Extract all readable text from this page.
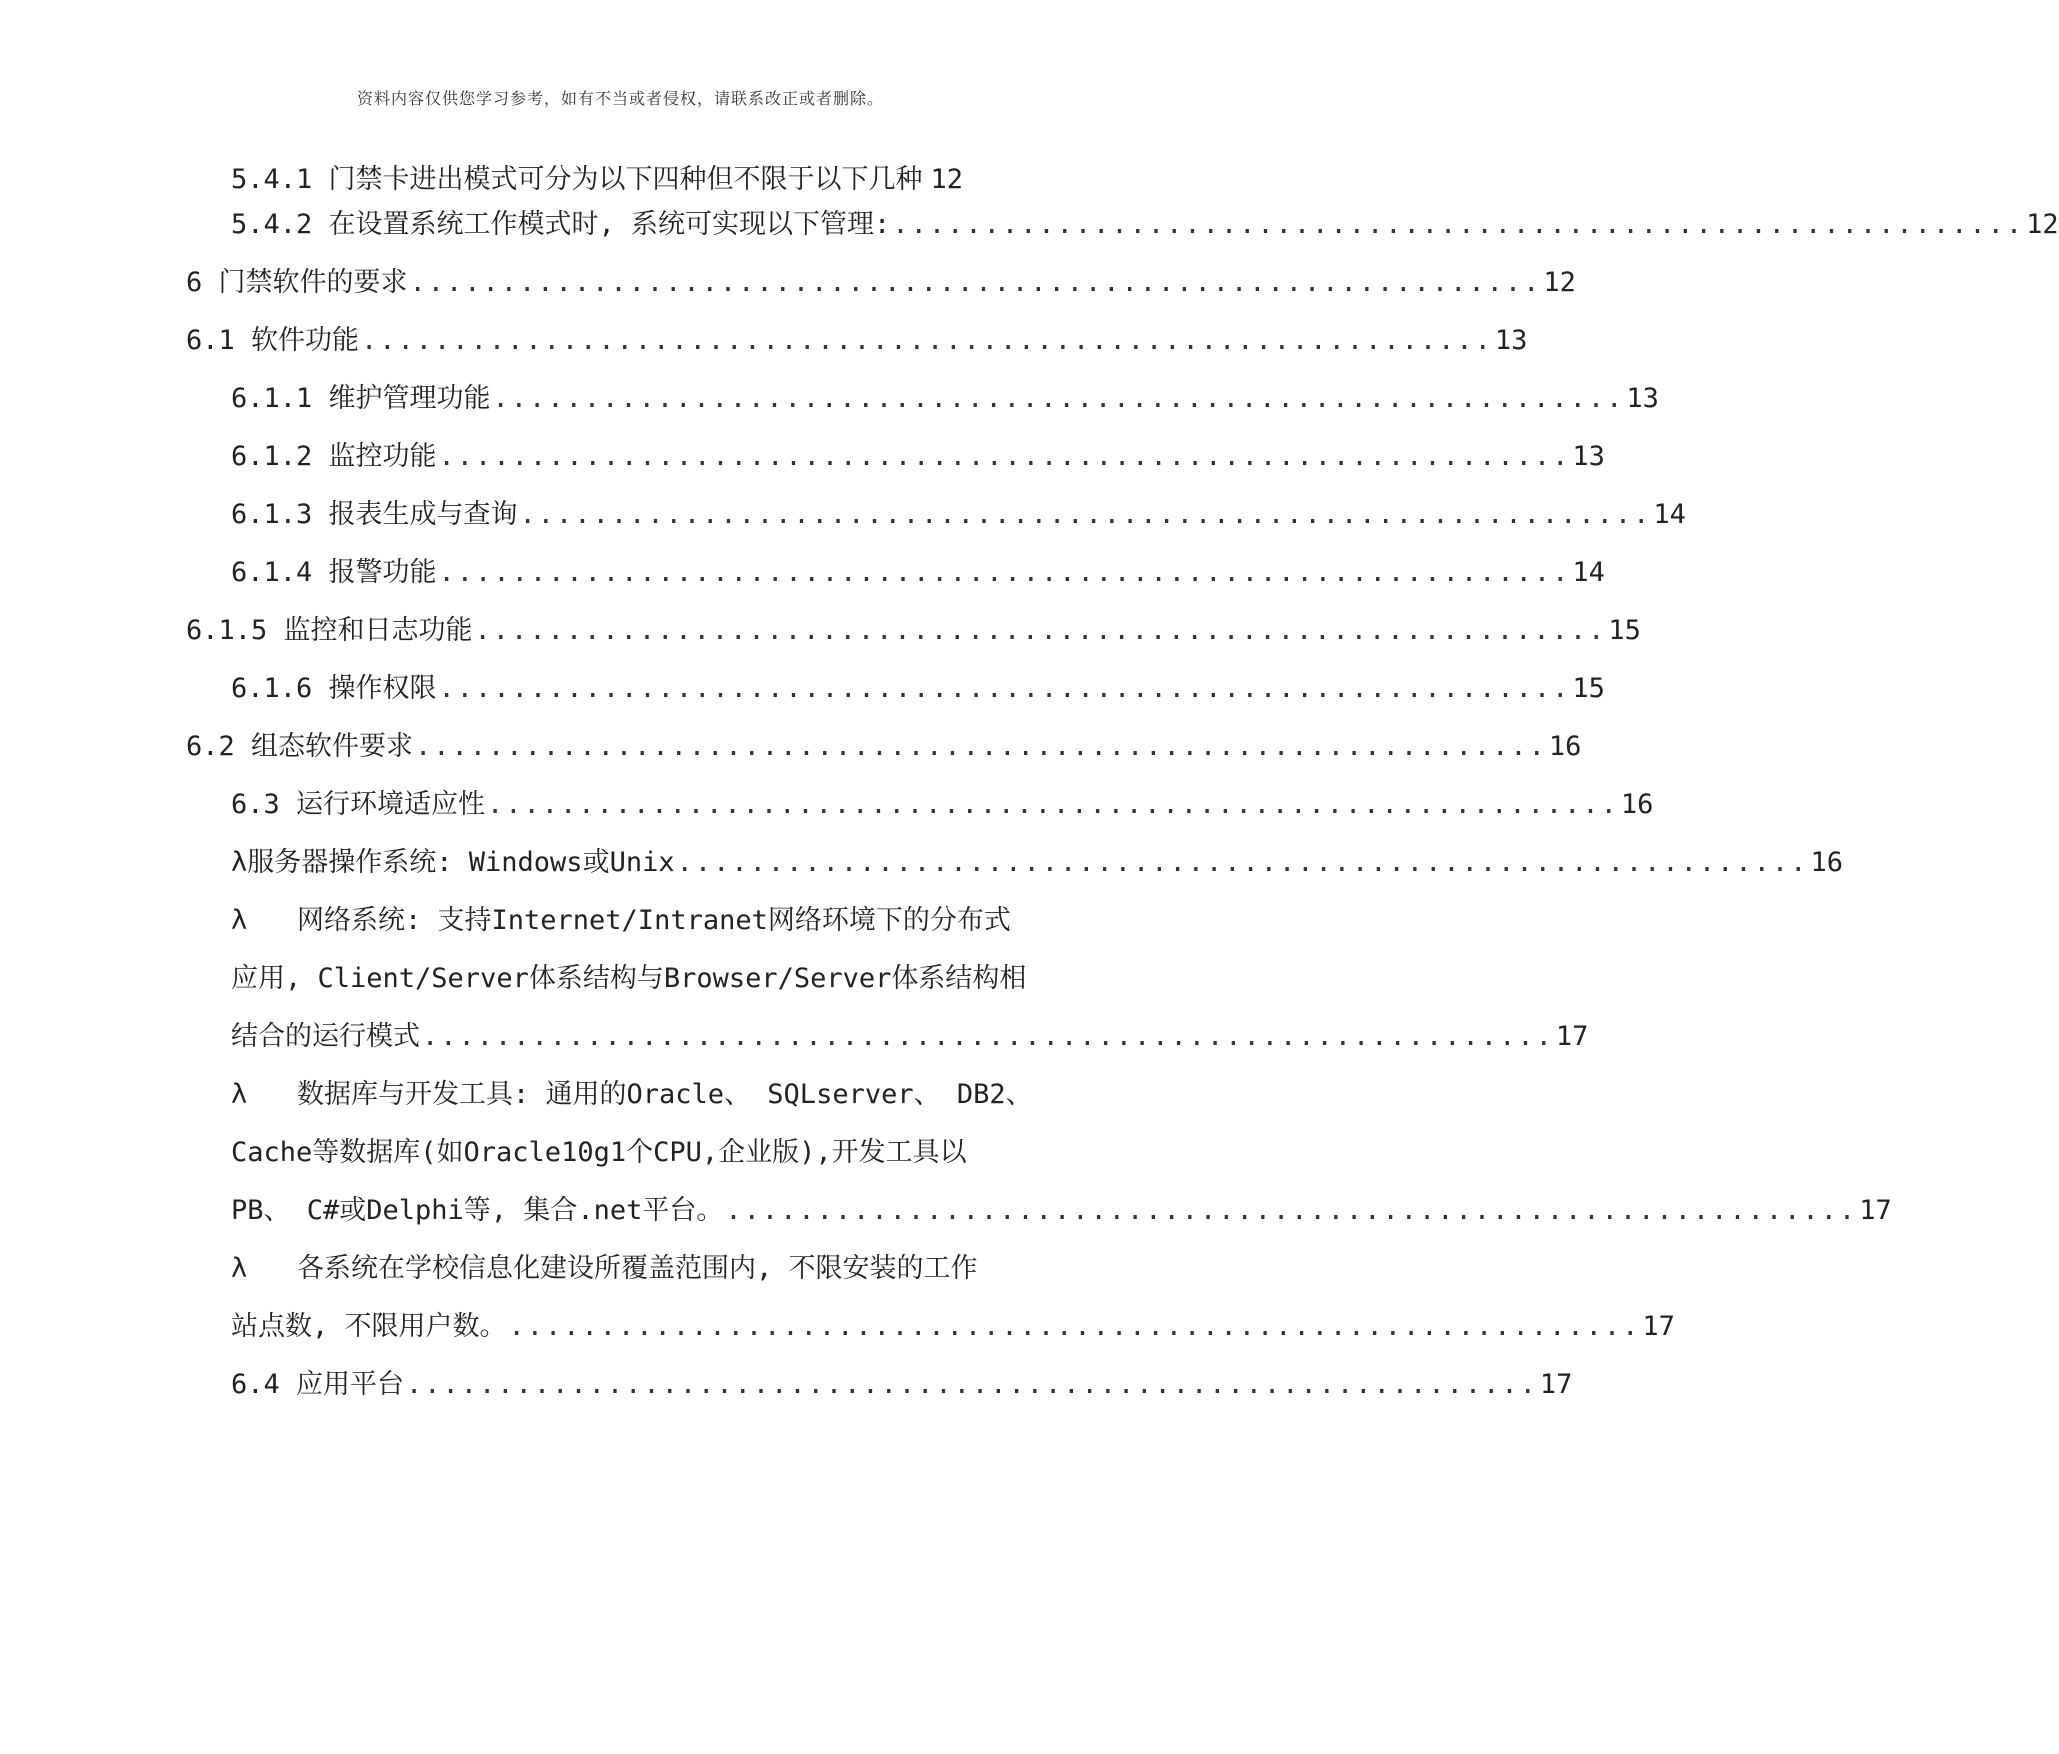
资料内容仅供您学习参考，如有不当或者侵权，请联系改正或者删除。
5.4.1 门禁卡进出模式可分为以下四种但不限于以下几种 12
5.4.2 在设置系统工作模式时, 系统可实现以下管理: .............................................................. 12
6 门禁软件的要求 .............................................................. 12
6.1 软件功能 .............................................................. 13
6.1.1 维护管理功能 .............................................................. 13
6.1.2 监控功能 .............................................................. 13
6.1.3 报表生成与查询 .............................................................. 14
6.1.4 报警功能 .............................................................. 14
6.1.5 监控和日志功能 .............................................................. 15
6.1.6 操作权限 .............................................................. 15
6.2 组态软件要求 .............................................................. 16
6.3 运行环境适应性 .............................................................. 16
λ 服务器操作系统: Windows或Unix .............................................................. 16
λ	网络系统: 支持Internet/Intranet网络环境下的分布式
应用, Client/Server体系结构与Browser/Server体系结构相
结合的运行模式 .............................................................. 17
λ	数据库与开发工具: 通用的Oracle、 SQLserver、 DB2、
Cache等数据库(如Oracle10g1个CPU,企业版),开发工具以
PB、 C#或Delphi等, 集合.net平台。 .............................................................. 17
λ	各系统在学校信息化建设所覆盖范围内, 不限安装的工作
站点数, 不限用户数。 .............................................................. 17
6.4 应用平台 .............................................................. 17
